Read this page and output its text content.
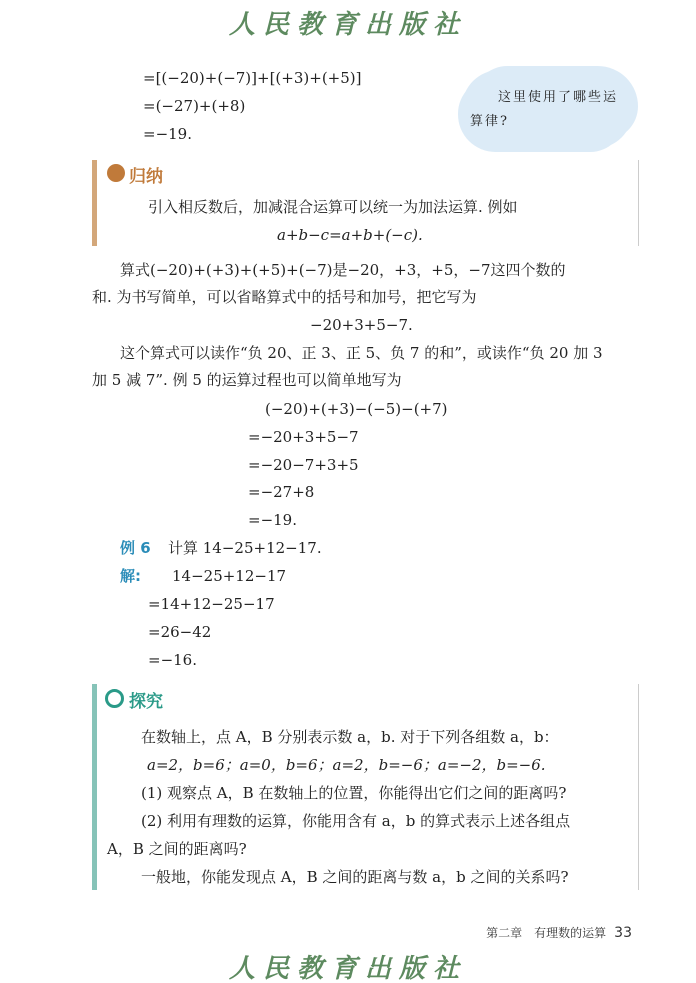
人民教育出版社
=[(−20)+(−7)]+[(+3)+(+5)]
=(−27)+(+8)
=−19.
这里使用了哪些运
算律?
归纳
引入相反数后，加减混合运算可以统一为加法运算. 例如
a+b−c=a+b+(−c).
算式(−20)+(+3)+(+5)+(−7)是−20，+3，+5，−7这四个数的
和. 为书写简单，可以省略算式中的括号和加号，把它写为
−20+3+5−7.
这个算式可以读作“负 20、正 3、正 5、负 7 的和”，或读作“负 20 加 3
加 5 减 7”. 例 5 的运算过程也可以简单地写为
(−20)+(+3)−(−5)−(+7)
=−20+3+5−7
=−20−7+3+5
=−27+8
=−19.
例 6 计算 14−25+12−17.
解: 14−25+12−17
=14+12−25−17
=26−42
=−16.
探究
在数轴上，点 A，B 分别表示数 a，b. 对于下列各组数 a，b：
a=2，b=6；a=0，b=6；a=2，b=−6；a=−2，b=−6.
(1) 观察点 A，B 在数轴上的位置，你能得出它们之间的距离吗?
(2) 利用有理数的运算，你能用含有 a，b 的算式表示上述各组点
A，B 之间的距离吗?
一般地，你能发现点 A，B 之间的距离与数 a，b 之间的关系吗?
第二章　有理数的运算 33
人民教育出版社
